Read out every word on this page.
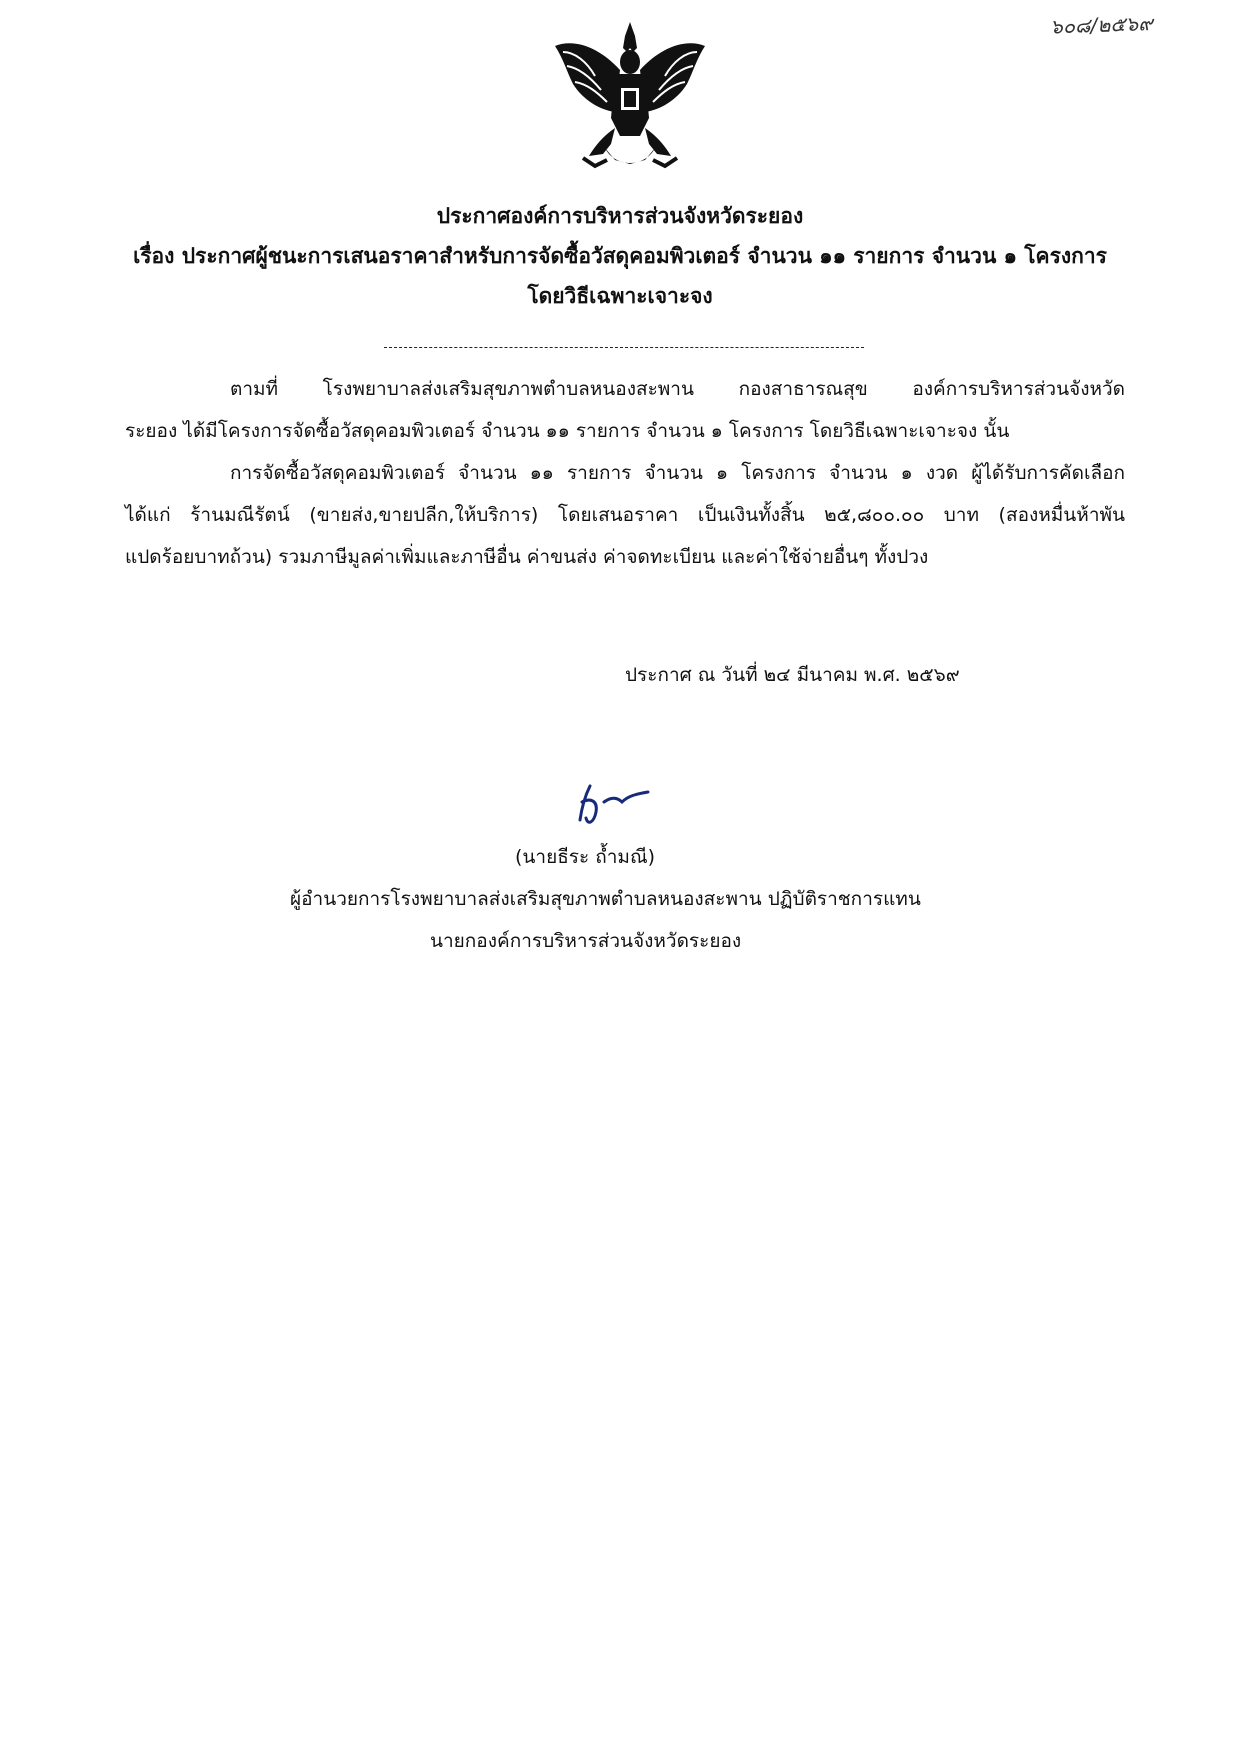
๖๐๘/๒๕๖๙

ประกาศองค์การบริหารส่วนจังหวัดระยอง

เรื่อง ประกาศผู้ชนะการเสนอราคาสำหรับการจัดซื้อวัสดุคอมพิวเตอร์ จำนวน ๑๑ รายการ จำนวน ๑ โครงการ

โดยวิธีเฉพาะเจาะจง

ตามที่ โรงพยาบาลส่งเสริมสุขภาพตำบลหนองสะพาน กองสาธารณสุข องค์การบริหารส่วนจังหวัด

ระยอง ได้มีโครงการจัดซื้อวัสดุคอมพิวเตอร์ จำนวน ๑๑ รายการ จำนวน ๑ โครงการ โดยวิธีเฉพาะเจาะจง นั้น

การจัดซื้อวัสดุคอมพิวเตอร์ จำนวน ๑๑ รายการ จำนวน ๑ โครงการ จำนวน ๑ งวด ผู้ได้รับการคัดเลือก

ได้แก่ ร้านมณีรัตน์ (ขายส่ง,ขายปลีก,ให้บริการ) โดยเสนอราคา เป็นเงินทั้งสิ้น ๒๕,๘๐๐.๐๐ บาท (สองหมื่นห้าพัน

แปดร้อยบาทถ้วน) รวมภาษีมูลค่าเพิ่มและภาษีอื่น ค่าขนส่ง ค่าจดทะเบียน และค่าใช้จ่ายอื่นๆ ทั้งปวง

ประกาศ ณ วันที่ ๒๔ มีนาคม พ.ศ. ๒๕๖๙
(นายธีระ ถ้ำมณี)
ผู้อำนวยการโรงพยาบาลส่งเสริมสุขภาพตำบลหนองสะพาน ปฏิบัติราชการแทน
นายกองค์การบริหารส่วนจังหวัดระยอง
